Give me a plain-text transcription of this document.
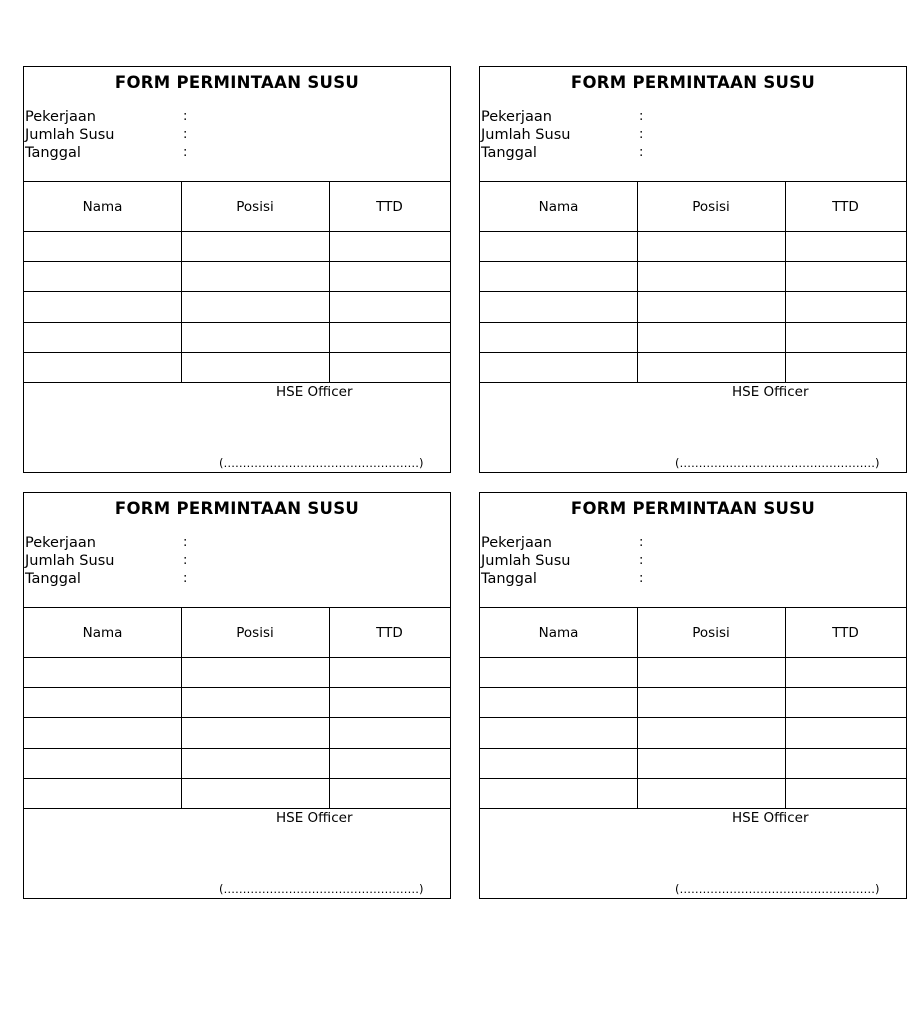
FORM PERMINTAAN SUSU
Pekerjaan	:
Jumlah Susu	:
Tanggal	:
Nama	Posisi	TTD
HSE Officer
(……………………………………………)
FORM PERMINTAAN SUSU
Pekerjaan	:
Jumlah Susu	:
Tanggal	:
Nama	Posisi	TTD
HSE Officer
(……………………………………………)
FORM PERMINTAAN SUSU
Pekerjaan	:
Jumlah Susu	:
Tanggal	:
Nama	Posisi	TTD
HSE Officer
(……………………………………………)
FORM PERMINTAAN SUSU
Pekerjaan	:
Jumlah Susu	:
Tanggal	:
Nama	Posisi	TTD
HSE Officer
(……………………………………………)
